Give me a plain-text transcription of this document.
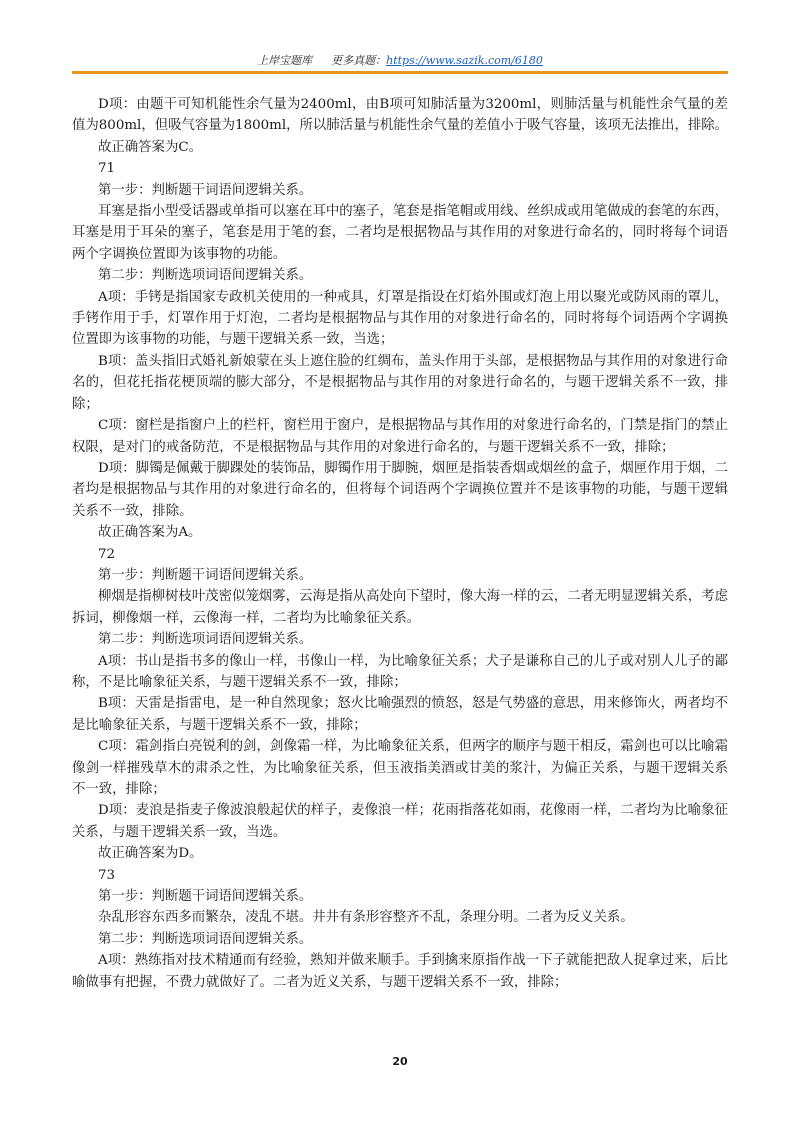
上岸宝题库 更多真题：https://www.sazik.com/6180

D项：由题干可知机能性余气量为2400ml，由B项可知肺活量为3200ml，则肺活量与机能性余气量的差值为800ml，但吸气容量为1800ml，所以肺活量与机能性余气量的差值小于吸气容量，该项无法推出，排除。

故正确答案为C。

71

第一步：判断题干词语间逻辑关系。

耳塞是指小型受话器或单指可以塞在耳中的塞子，笔套是指笔帽或用线、丝织成或用笔做成的套笔的东西，耳塞是用于耳朵的塞子，笔套是用于笔的套，二者均是根据物品与其作用的对象进行命名的，同时将每个词语两个字调换位置即为该事物的功能。

第二步：判断选项词语间逻辑关系。

A项：手铐是指国家专政机关使用的一种戒具，灯罩是指设在灯焰外围或灯泡上用以聚光或防风雨的罩儿，手铐作用于手，灯罩作用于灯泡，二者均是根据物品与其作用的对象进行命名的，同时将每个词语两个字调换位置即为该事物的功能，与题干逻辑关系一致，当选；

B项：盖头指旧式婚礼新娘蒙在头上遮住脸的红绸布，盖头作用于头部，是根据物品与其作用的对象进行命名的，但花托指花梗顶端的膨大部分，不是根据物品与其作用的对象进行命名的，与题干逻辑关系不一致，排除；

C项：窗栏是指窗户上的栏杆，窗栏用于窗户，是根据物品与其作用的对象进行命名的，门禁是指门的禁止权限，是对门的戒备防范，不是根据物品与其作用的对象进行命名的，与题干逻辑关系不一致，排除；

D项：脚镯是佩戴于脚踝处的装饰品，脚镯作用于脚腕，烟匣是指装香烟或烟丝的盒子，烟匣作用于烟，二者均是根据物品与其作用的对象进行命名的，但将每个词语两个字调换位置并不是该事物的功能，与题干逻辑关系不一致，排除。

故正确答案为A。

72

第一步：判断题干词语间逻辑关系。

柳烟是指柳树枝叶茂密似笼烟雾，云海是指从高处向下望时，像大海一样的云，二者无明显逻辑关系，考虑拆词，柳像烟一样，云像海一样，二者均为比喻象征关系。

第二步：判断选项词语间逻辑关系。

A项：书山是指书多的像山一样，书像山一样，为比喻象征关系；犬子是谦称自己的儿子或对别人儿子的鄙称，不是比喻象征关系，与题干逻辑关系不一致，排除；

B项：天雷是指雷电，是一种自然现象；怒火比喻强烈的愤怒，怒是气势盛的意思，用来修饰火，两者均不是比喻象征关系，与题干逻辑关系不一致，排除；

C项：霜剑指白亮锐利的剑，剑像霜一样，为比喻象征关系，但两字的顺序与题干相反，霜剑也可以比喻霜像剑一样摧残草木的肃杀之性，为比喻象征关系，但玉液指美酒或甘美的浆汁，为偏正关系，与题干逻辑关系不一致，排除；

D项：麦浪是指麦子像波浪般起伏的样子，麦像浪一样；花雨指落花如雨，花像雨一样，二者均为比喻象征关系，与题干逻辑关系一致，当选。

故正确答案为D。

73

第一步：判断题干词语间逻辑关系。

杂乱形容东西多而繁杂，凌乱不堪。井井有条形容整齐不乱，条理分明。二者为反义关系。

第二步：判断选项词语间逻辑关系。

A项：熟练指对技术精通而有经验，熟知并做来顺手。手到擒来原指作战一下子就能把敌人捉拿过来，后比喻做事有把握，不费力就做好了。二者为近义关系，与题干逻辑关系不一致，排除；

20
